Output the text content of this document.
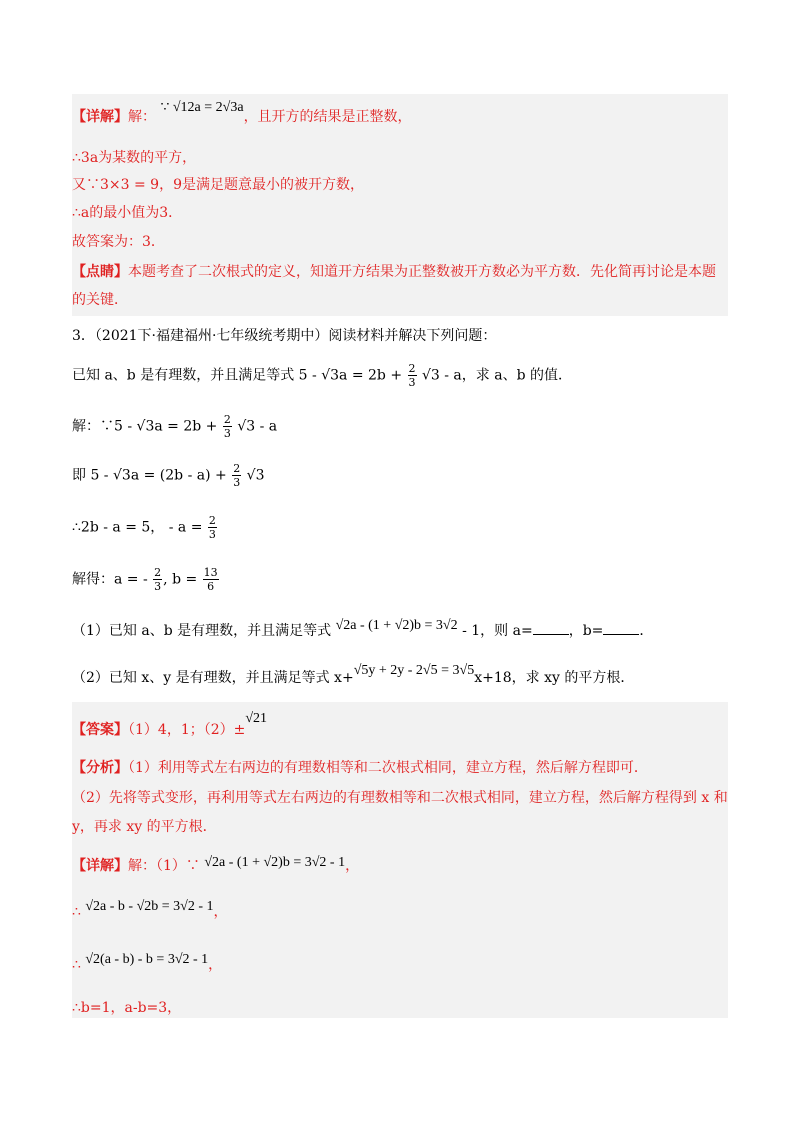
【详解】解： ∵ √12a = 2√3a，且开方的结果是正整数，
∴3a为某数的平方，
又∵3×3 = 9，9是满足题意最小的被开方数，
∴a的最小值为3．
故答案为：3．
【点睛】本题考查了二次根式的定义，知道开方结果为正整数被开方数必为平方数．先化简再讨论是本题
的关键．
3．（2021下·福建福州·七年级统考期中）阅读材料并解决下列问题：
已知 a、b 是有理数，并且满足等式 $5 - √3a = 2b + \frac{2}{3} √3 - a$，求 a、b 的值．
解：∵5 - $√3a = 2b + \frac{2}{3} √3 - a$
即 $5 - √3a = (2b - a) + \frac{2}{3} √3$
∴2b - a = 5， - $a = \frac{2}{3}$
解得：a = - $\frac{2}{3}$ , $b = \frac{13}{6}$
（1）已知 a、b 是有理数，并且满足等式 √2a - (1 + √2)b = 3√2 - 1，则 a=	，b=	．
（2）已知 x、y 是有理数，并且满足等式 x+√5y + 2y - 2√5 = 3√5x+18，求 xy 的平方根．
【答案】（1）4，1；（2）±√21
【分析】（1）利用等式左右两边的有理数相等和二次根式相同，建立方程，然后解方程即可．
（2）先将等式变形，再利用等式左右两边的有理数相等和二次根式相同，建立方程，然后解方程得到 x 和
y，再求 xy 的平方根．
【详解】解：（1）∵ √2a - (1 + √2)b = 3√2 - 1，
∴ √2a - b - √2b = 3√2 - 1，
∴ √2(a - b) - b = 3√2 - 1，
∴b=1，a-b=3，
